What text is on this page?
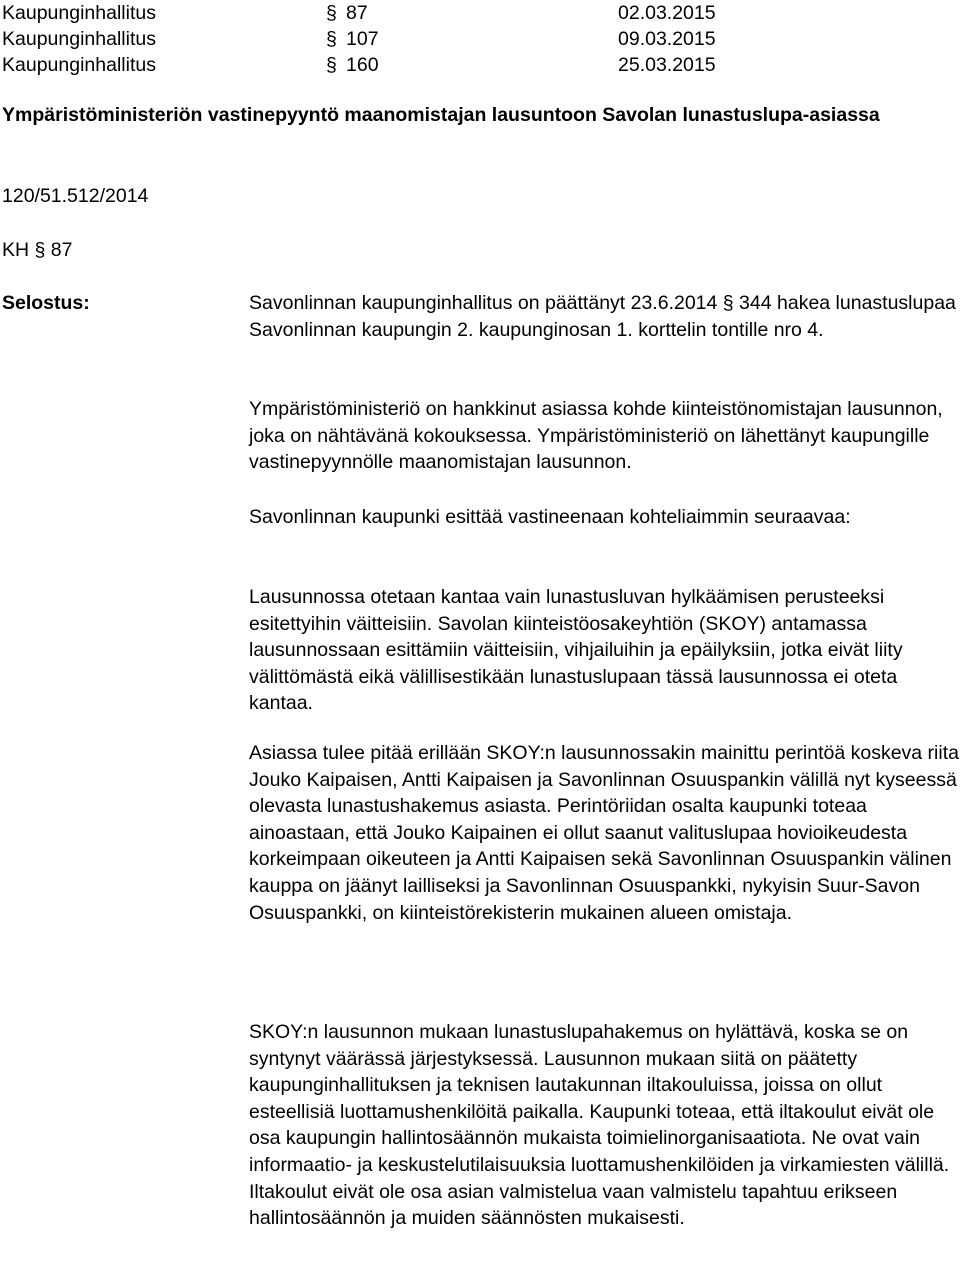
Kaupunginhallitus	§ 87	02.03.2015
Kaupunginhallitus	§ 107	09.03.2015
Kaupunginhallitus	§ 160	25.03.2015
Ympäristöministeriön vastinepyyntö maanomistajan lausuntoon Savolan lunastuslupa-asiassa
120/51.512/2014
KH § 87
Selostus:	Savonlinnan kaupunginhallitus on päättänyt 23.6.2014 § 344 hakea lunastuslupaa Savonlinnan kaupungin 2. kaupunginosan 1. korttelin tontille nro 4.

Ympäristöministeriö on hankkinut asiassa kohde kiinteistönomistajan lausunnon, joka on nähtävänä kokouksessa. Ympäristöministeriö on lähettänyt kaupungille vastinepyynnölle maanomistajan lausunnon.

Savonlinnan kaupunki esittää vastineenaan kohteliaimmin seuraavaa:

Lausunnossa otetaan kantaa vain lunastusluvan hylkäämisen perusteeksi esitettyihin väitteisiin. Savolan kiinteistöosakeyhtiön (SKOY) antamassa lausunnossaan esittämiin väitteisiin, vihjailuihin ja epäilyksiin, jotka eivät liity välittömästä eikä välillisestikään lunastuslupaan tässä lausunnossa ei oteta kantaa.

Asiassa tulee pitää erillään SKOY:n lausunnossakin mainittu perintöä koskeva riita Jouko Kaipaisen, Antti Kaipaisen ja Savonlinnan Osuuspankin välillä nyt kyseessä olevasta lunastushakemus asiasta. Perintöriidan osalta kaupunki toteaa ainoastaan, että Jouko Kaipainen ei ollut saanut valituslupaa hovioikeudesta korkeimpaan oikeuteen ja Antti Kaipaisen sekä Savonlinnan Osuuspankin välinen kauppa on jäänyt lailliseksi ja Savonlinnan Osuuspankki, nykyisin Suur-Savon Osuuspankki, on kiinteistörekisterin mukainen alueen omistaja.

SKOY:n lausunnon mukaan lunastuslupahakemus on hylättävä, koska se on syntynyt väärässä järjestyksessä. Lausunnon mukaan siitä on päätetty kaupunginhallituksen ja teknisen lautakunnan iltakouluissa, joissa on ollut esteellisiä luottamushenkilöitä paikalla. Kaupunki toteaa, että iltakoulut eivät ole osa kaupungin hallintosäännön mukaista toimielinorganisaatiota. Ne ovat vain informaatio- ja keskustelutilaisuuksia luottamushenkilöiden ja virkamiesten välillä. Iltakoulut eivät ole osa asian valmistelua vaan valmistelu tapahtuu erikseen hallintosäännön ja muiden säännösten mukaisesti.
